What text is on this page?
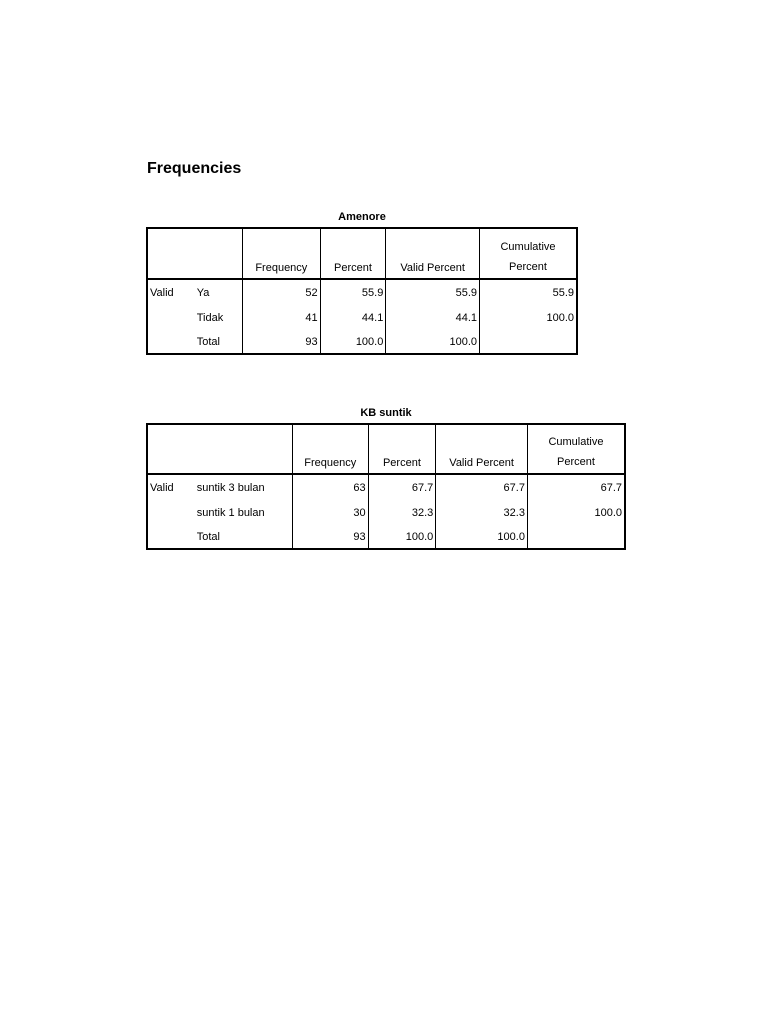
Frequencies
Amenore
		Frequency	Percent	Valid Percent	Cumulative
Percent

Valid	Ya	52	55.9	55.9	55.9
	Tidak	41	44.1	44.1	100.0
	Total	93	100.0	100.0	
KB suntik
		Frequency	Percent	Valid Percent	Cumulative
Percent

Valid	suntik 3 bulan	63	67.7	67.7	67.7
	suntik 1 bulan	30	32.3	32.3	100.0
	Total	93	100.0	100.0	
